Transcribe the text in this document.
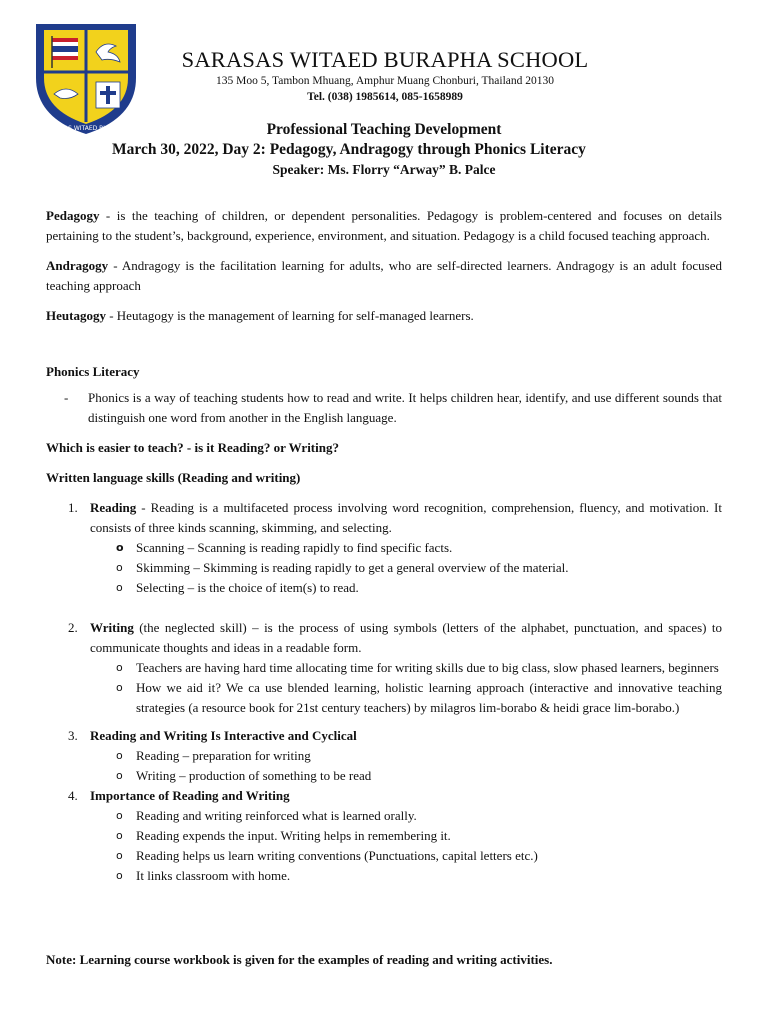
SARASAS WITAED BURAPHA
SARASAS WITAED BURAPHA SCHOOL
135 Moo 5, Tambon Mhuang, Amphur Muang Chonburi, Thailand 20130
Tel. (038) 1985614, 085-1658989
Professional Teaching Development
March 30, 2022, Day 2: Pedagogy, Andragogy through Phonics Literacy
Speaker: Ms. Florry “Arway” B. Palce

Pedagogy - is the teaching of children, or dependent personalities. Pedagogy is problem-centered and focuses on details pertaining to the student’s, background, experience, environment, and situation. Pedagogy is a child focused teaching approach.

Andragogy - Andragogy is the facilitation learning for adults, who are self-directed learners. Andragogy is an adult focused teaching approach

Heutagogy - Heutagogy is the management of learning for self-managed learners.

Phonics Literacy

-	Phonics is a way of teaching students how to read and write. It helps children hear, identify, and use different sounds that distinguish one word from another in the English language.

Which is easier to teach? - is it Reading? or Writing?

Written language skills (Reading and writing)

1. Reading - Reading is a multifaceted process involving word recognition, comprehension, fluency, and motivation. It consists of three kinds scanning, skimming, and selecting.
o Scanning – Scanning is reading rapidly to find specific facts.
o	Skimming – Skimming is reading rapidly to get a general overview of the material.
o	Selecting – is the choice of item(s) to read.
2. Writing (the neglected skill) – is the process of using symbols (letters of the alphabet, punctuation, and spaces) to communicate thoughts and ideas in a readable form.
o	Teachers are having hard time allocating time for writing skills due to big class, slow phased learners, beginners
o	How we aid it? We ca use blended learning, holistic learning approach (interactive and innovative teaching strategies (a resource book for 21st century teachers) by milagros lim-borabo & heidi grace lim-borabo.)
3. Reading and Writing Is Interactive and Cyclical
o	Reading – preparation for writing
o	Writing – production of something to be read
4. Importance of Reading and Writing
o	Reading and writing reinforced what is learned orally.
o	Reading expends the input. Writing helps in remembering it.
o	Reading helps us learn writing conventions (Punctuations, capital letters etc.)
o	It links classroom with home.
Note: Learning course workbook is given for the examples of reading and writing activities.
